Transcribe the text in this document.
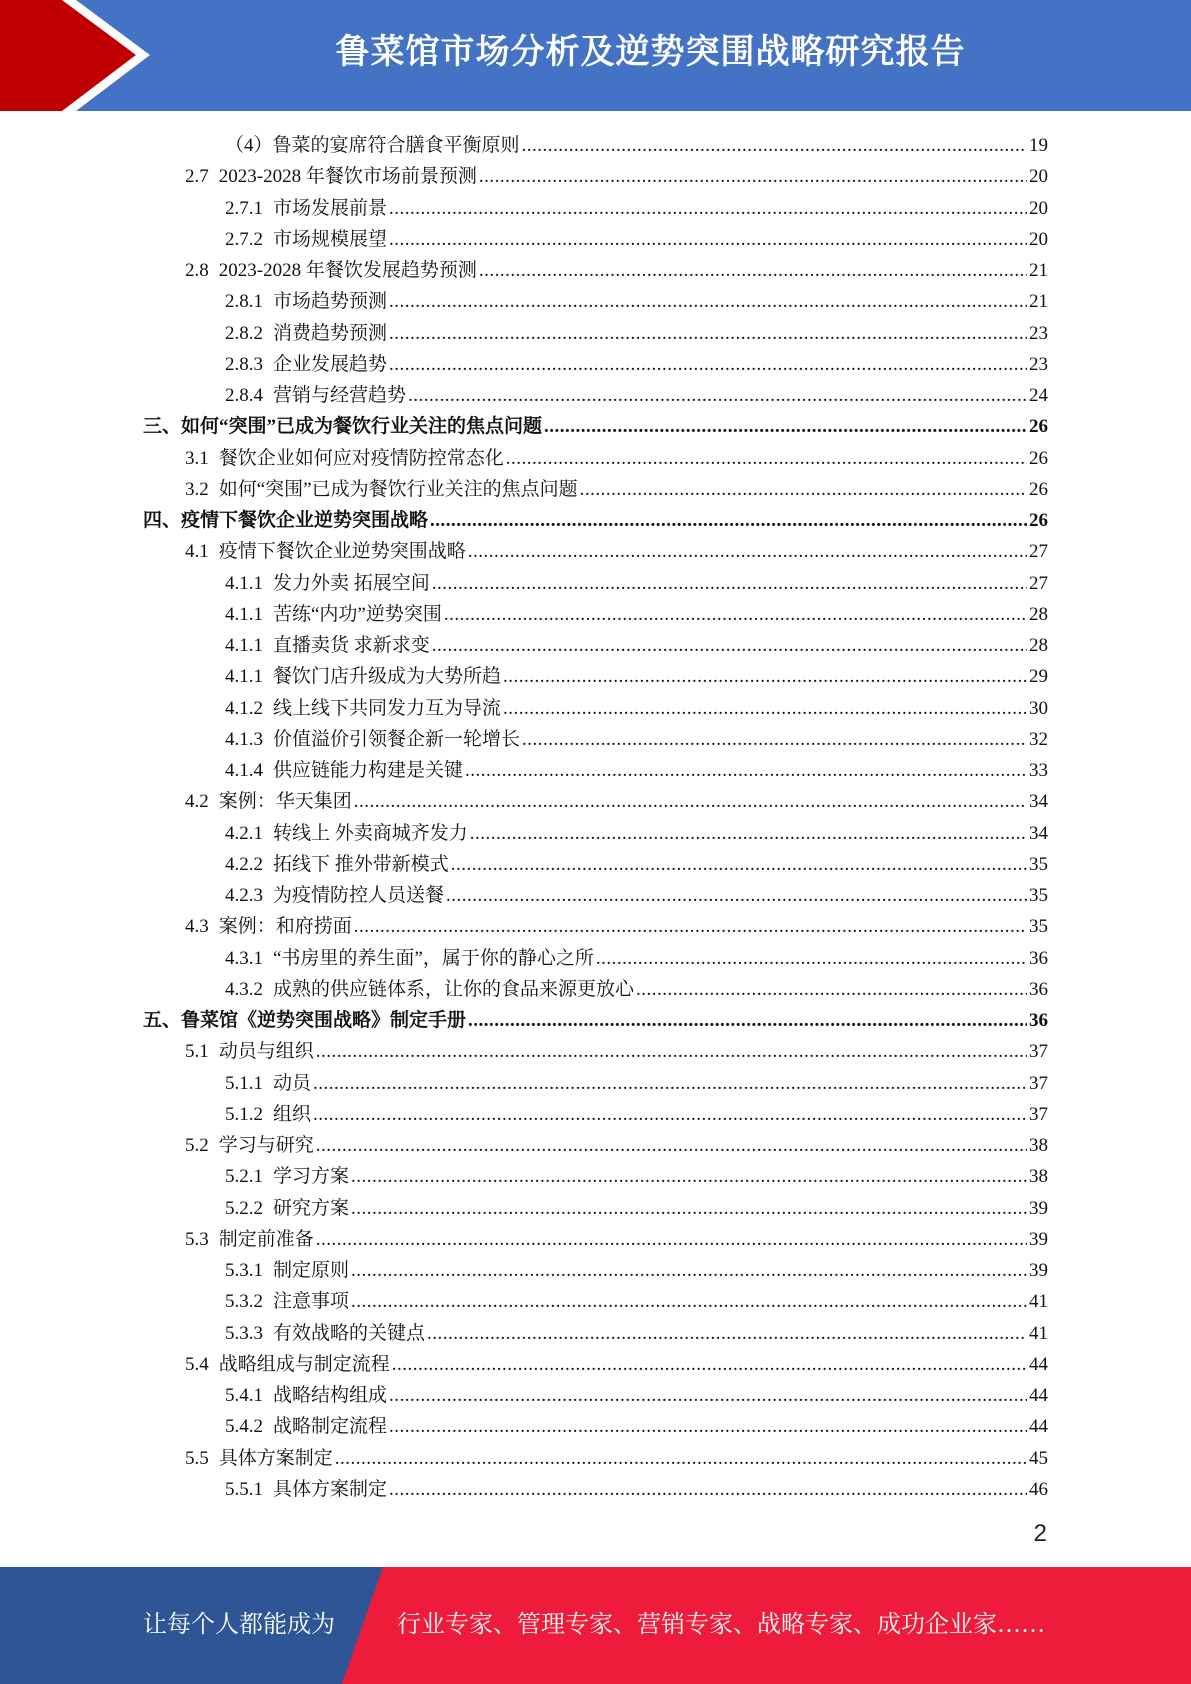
鲁菜馆市场分析及逆势突围战略研究报告
（4）鲁菜的宴席符合膳食平衡原则 .....	19
2.7 2023-2028 年餐饮市场前景预测 .....	20
2.7.1 市场发展前景 .....	20
2.7.2 市场规模展望 .....	20
2.8 2023-2028 年餐饮发展趋势预测 .....	21
2.8.1 市场趋势预测 .....	21
2.8.2 消费趋势预测 .....	23
2.8.3 企业发展趋势 .....	23
2.8.4 营销与经营趋势 .....	24
三、如何“突围”已成为餐饮行业关注的焦点问题 .....	26
3.1 餐饮企业如何应对疫情防控常态化 .....	26
3.2 如何“突围”已成为餐饮行业关注的焦点问题 .....	26
四、疫情下餐饮企业逆势突围战略 .....	26
4.1 疫情下餐饮企业逆势突围战略 .....	27
4.1.1 发力外卖 拓展空间 .....	27
4.1.1 苦练“内功”逆势突围 .....	28
4.1.1 直播卖货 求新求变 .....	28
4.1.1 餐饮门店升级成为大势所趋 .....	29
4.1.2 线上线下共同发力互为导流 .....	30
4.1.3 价值溢价引领餐企新一轮增长 .....	32
4.1.4 供应链能力构建是关键 .....	33
4.2 案例：华天集团 .....	34
4.2.1 转线上 外卖商城齐发力 .....	34
4.2.2 拓线下 推外带新模式 .....	35
4.2.3 为疫情防控人员送餐 .....	35
4.3 案例：和府捞面 .....	35
4.3.1 “书房里的养生面”，属于你的静心之所 .....	36
4.3.2 成熟的供应链体系，让你的食品来源更放心 .....	36
五、鲁菜馆《逆势突围战略》制定手册 .....	36
5.1 动员与组织 .....	37
5.1.1 动员 .....	37
5.1.2 组织 .....	37
5.2 学习与研究 .....	38
5.2.1 学习方案 .....	38
5.2.2 研究方案 .....	39
5.3 制定前准备 .....	39
5.3.1 制定原则 .....	39
5.3.2 注意事项 .....	41
5.3.3 有效战略的关键点 .....	41
5.4 战略组成与制定流程 .....	44
5.4.1 战略结构组成 .....	44
5.4.2 战略制定流程 .....	44
5.5 具体方案制定 .....	45
5.5.1 具体方案制定 .....	46
2
让每个人都能成为	行业专家、管理专家、营销专家、战略专家、成功企业家……
